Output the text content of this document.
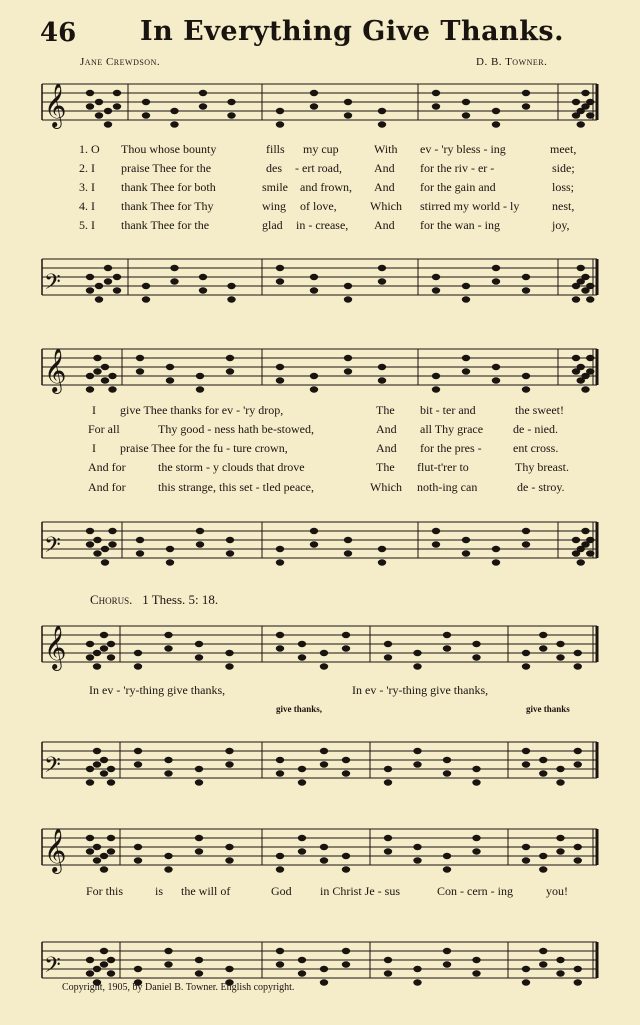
46 In Everything Give Thanks.
Jane Crewdson.	D. B. Towner.
𝄞
1. O Thou whose bounty	fills my cup	With ev - 'ry bless - ing	meet,
2. I praise Thee for the	des - ert road,	And for the riv - er -	side;
3. I thank Thee for both	smile and frown, And for the gain and	loss;
4. I thank Thee for Thy	wing of love,	Which stirred my world - ly	nest,
5. I thank Thee for the	glad in - crease, And for the wan - ing	joy,
𝄢
𝄞
I give Thee thanks for ev - 'ry drop,	The bit - ter and	the sweet!
For all	Thy good - ness hath be-stowed,	And all Thy grace de - nied.
I praise Thee for the fu - ture crown,	And for the pres -	ent cross.
And for	the storm - y clouds that drove	The flut-t'rer to	Thy breast.
And for	this strange, this set - tled peace,	Which noth-ing can	de - stroy.
𝄢
Chorus. 1 Thess. 5: 18.
𝄞
In ev - 'ry-thing give thanks,	In ev - 'ry-thing give thanks,
give thanks,	give thanks
𝄢
𝄞
For this	is the will of	God in Christ Je - sus	Con - cern - ing	you!
𝄢
Copyright, 1905, by Daniel B. Towner. English copyright.
